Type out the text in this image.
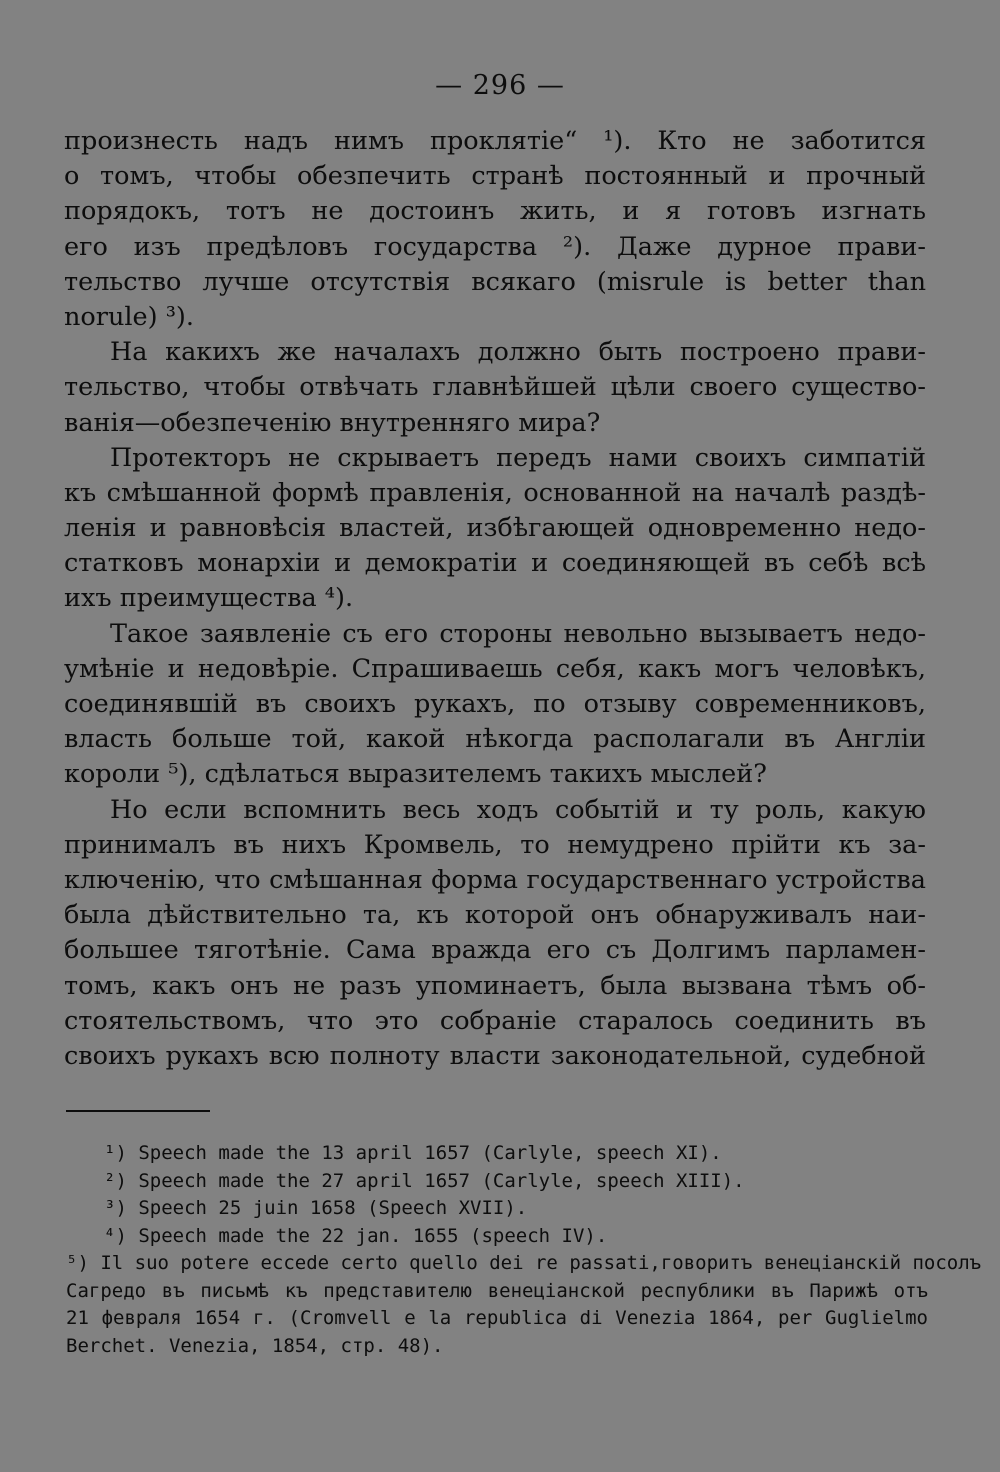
— 296 —
произнесть надъ нимъ проклятіе“ ¹). Кто не заботится
о томъ, чтобы обезпечить странѣ постоянный и прочный
порядокъ, тотъ не достоинъ жить, и я готовъ изгнать
его изъ предѣловъ государства ²). Даже дурное прави-
тельство лучше отсутствія всякаго (misrule is better than
norule) ³).
На какихъ же началахъ должно быть построено прави-
тельство, чтобы отвѣчать главнѣйшей цѣли своего существо-
ванія—обезпеченію внутренняго мира?
Протекторъ не скрываетъ передъ нами своихъ симпатій
къ смѣшанной формѣ правленія, основанной на началѣ раздѣ-
ленія и равновѣсія властей, избѣгающей одновременно недо-
статковъ монархіи и демократіи и соединяющей въ себѣ всѣ
ихъ преимущества ⁴).
Такое заявленіе съ его стороны невольно вызываетъ недо-
умѣніе и недовѣріе. Спрашиваешь себя, какъ могъ человѣкъ,
соединявшій въ своихъ рукахъ, по отзыву современниковъ,
власть больше той, какой нѣкогда располагали въ Англіи
короли ⁵), сдѣлаться выразителемъ такихъ мыслей?
Но если вспомнить весь ходъ событій и ту роль, какую
принималъ въ нихъ Кромвель, то немудрено прійти къ за-
ключенію, что смѣшанная форма государственнаго устройства
была дѣйствительно та, къ которой онъ обнаруживалъ наи-
большее тяготѣніе. Сама вражда его съ Долгимъ парламен-
томъ, какъ онъ не разъ упоминаетъ, была вызвана тѣмъ об-
стоятельствомъ, что это собраніе старалось соединить въ
своихъ рукахъ всю полноту власти законодательной, судебной
¹) Speech made the 13 april 1657 (Carlyle, speech XI).
²) Speech made the 27 april 1657 (Carlyle, speech XIII).
³) Speech 25 juin 1658 (Speech XVII).
⁴) Speech made the 22 jan. 1655 (speech IV).
⁵) Il suo potere eccede certo quello dei re passati,говоритъ венеціанскій посолъ
Сагредо въ письмѣ къ представителю венеціанской республики въ Парижѣ отъ
21 февраля 1654 г. (Cromvell e la republica di Venezia 1864, per Guglielmo
Berchet. Venezia, 1854, стр. 48).
